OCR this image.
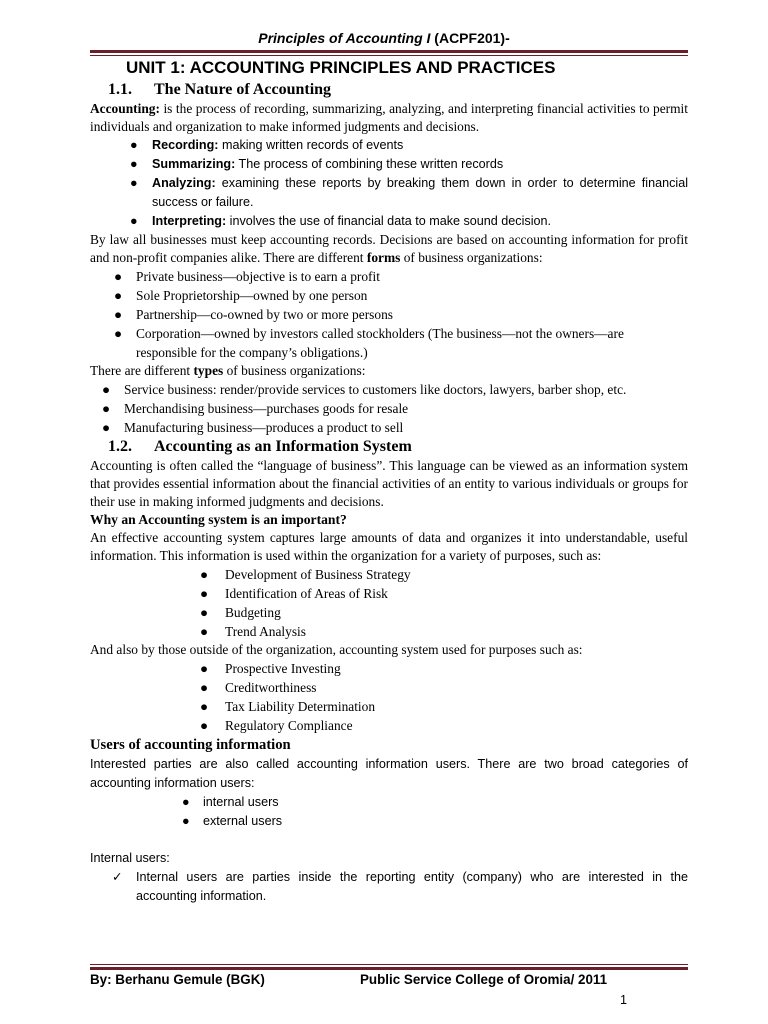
Principles of Accounting I (ACPF201)-
UNIT 1: ACCOUNTING PRINCIPLES AND PRACTICES
1.1. The Nature of Accounting

Accounting: is the process of recording, summarizing, analyzing, and interpreting financial activities to permit individuals and organization to make informed judgments and decisions.

● Recording: making written records of events
● Summarizing: The process of combining these written records
● Analyzing: examining these reports by breaking them down in order to determine financial success or failure.
● Interpreting: involves the use of financial data to make sound decision.

By law all businesses must keep accounting records. Decisions are based on accounting information for profit and non-profit companies alike. There are different forms of business organizations:

● Private business—objective is to earn a profit
● Sole Proprietorship—owned by one person
● Partnership—co-owned by two or more persons
● Corporation—owned by investors called stockholders (The business—not the owners—are responsible for the company’s obligations.)

There are different types of business organizations:

● Service business: render/provide services to customers like doctors, lawyers, barber shop, etc.
● Merchandising business—purchases goods for resale
● Manufacturing business—produces a product to sell
1.2. Accounting as an Information System

Accounting is often called the “language of business”. This language can be viewed as an information system that provides essential information about the financial activities of an entity to various individuals or groups for their use in making informed judgments and decisions.

Why an Accounting system is an important?

An effective accounting system captures large amounts of data and organizes it into understandable, useful information. This information is used within the organization for a variety of purposes, such as:

● Development of Business Strategy
● Identification of Areas of Risk
● Budgeting
● Trend Analysis

And also by those outside of the organization, accounting system used for purposes such as:

● Prospective Investing
● Creditworthiness
● Tax Liability Determination
● Regulatory Compliance

Users of accounting information

Interested parties are also called accounting information users. There are two broad categories of accounting information users:

● internal users
● external users

Internal users:

✓ Internal users are parties inside the reporting entity (company) who are interested in the accounting information.
By: Berhanu Gemule (BGK)	Public Service College of Oromia/ 2011
1
